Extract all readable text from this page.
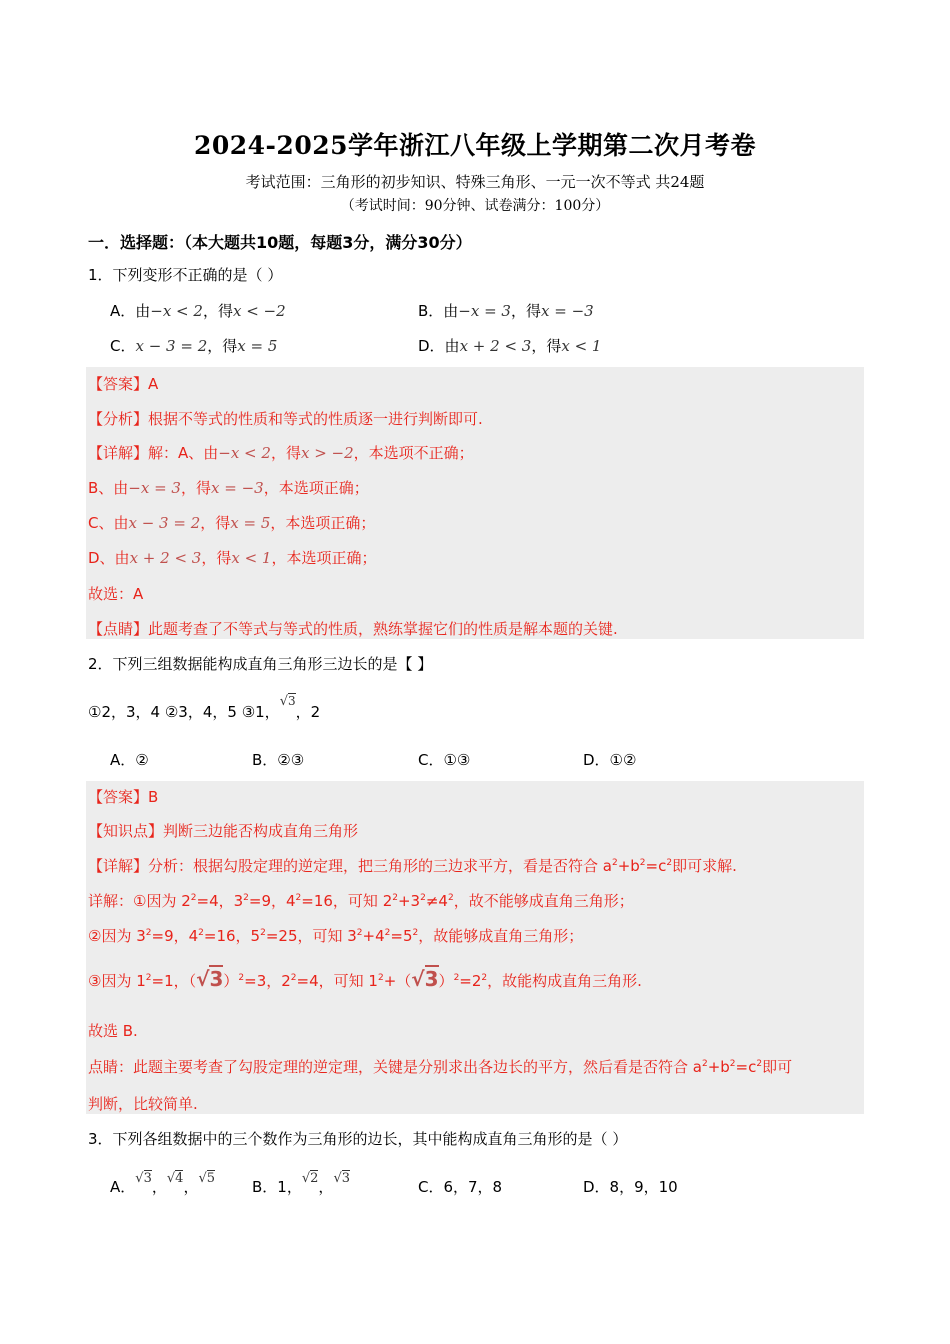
2024-2025学年浙江八年级上学期第二次月考卷
考试范围：三角形的初步知识、特殊三角形、一元一次不等式 共24题
（考试时间：90分钟、试卷满分：100分）
一．选择题：（本大题共10题，每题3分，满分30分）
1．下列变形不正确的是（ ）
A．由−x < 2，得x < −2	B．由−x = 3，得x = −3
C．x − 3 = 2，得x = 5	D．由x + 2 < 3，得x < 1
【答案】A
【分析】根据不等式的性质和等式的性质逐一进行判断即可.
【详解】解：A、由−x < 2，得x > −2，本选项不正确；
B、由−x = 3，得x = −3，本选项正确；
C、由x − 3 = 2，得x = 5，本选项正确；
D、由x + 2 < 3，得x < 1，本选项正确；
故选：A
【点睛】此题考查了不等式与等式的性质，熟练掌握它们的性质是解本题的关键.
2．下列三组数据能构成直角三角形三边长的是【 】
①2，3，4 ②3，4，5 ③1，√ 3，2
A．②	B．②③	C．①③	D．①②
【答案】B
【知识点】判断三边能否构成直角三角形
【详解】分析：根据勾股定理的逆定理，把三角形的三边求平方，看是否符合 $a^2+b^2=c^2$即可求解.
详解：①因为 $2^2=4$，$3^2=9$，$4^2=16$，可知 $2^2+3^2\ne 4^2$，故不能够成直角三角形；
②因为 $3^2=9$，$4^2=16$，$5^2=25$，可知 $3^2+4^2=5^2$，故能够成直角三角形；
③因为 $1^2=1$，$(√3)^2=3$，$2^2=4$，可知 $1^2+(√3)^2=2^2$，故能构成直角三角形.
故选 B.
点睛：此题主要考查了勾股定理的逆定理，关键是分别求出各边长的平方，然后看是否符合 $a^2+b^2=c^2$即可
判断，比较简单.
3．下列各组数据中的三个数作为三角形的边长，其中能构成直角三角形的是（ ）
A．√3，√4，√5 B．1，√2，√3	C．6，7，8	D．8，9，10
